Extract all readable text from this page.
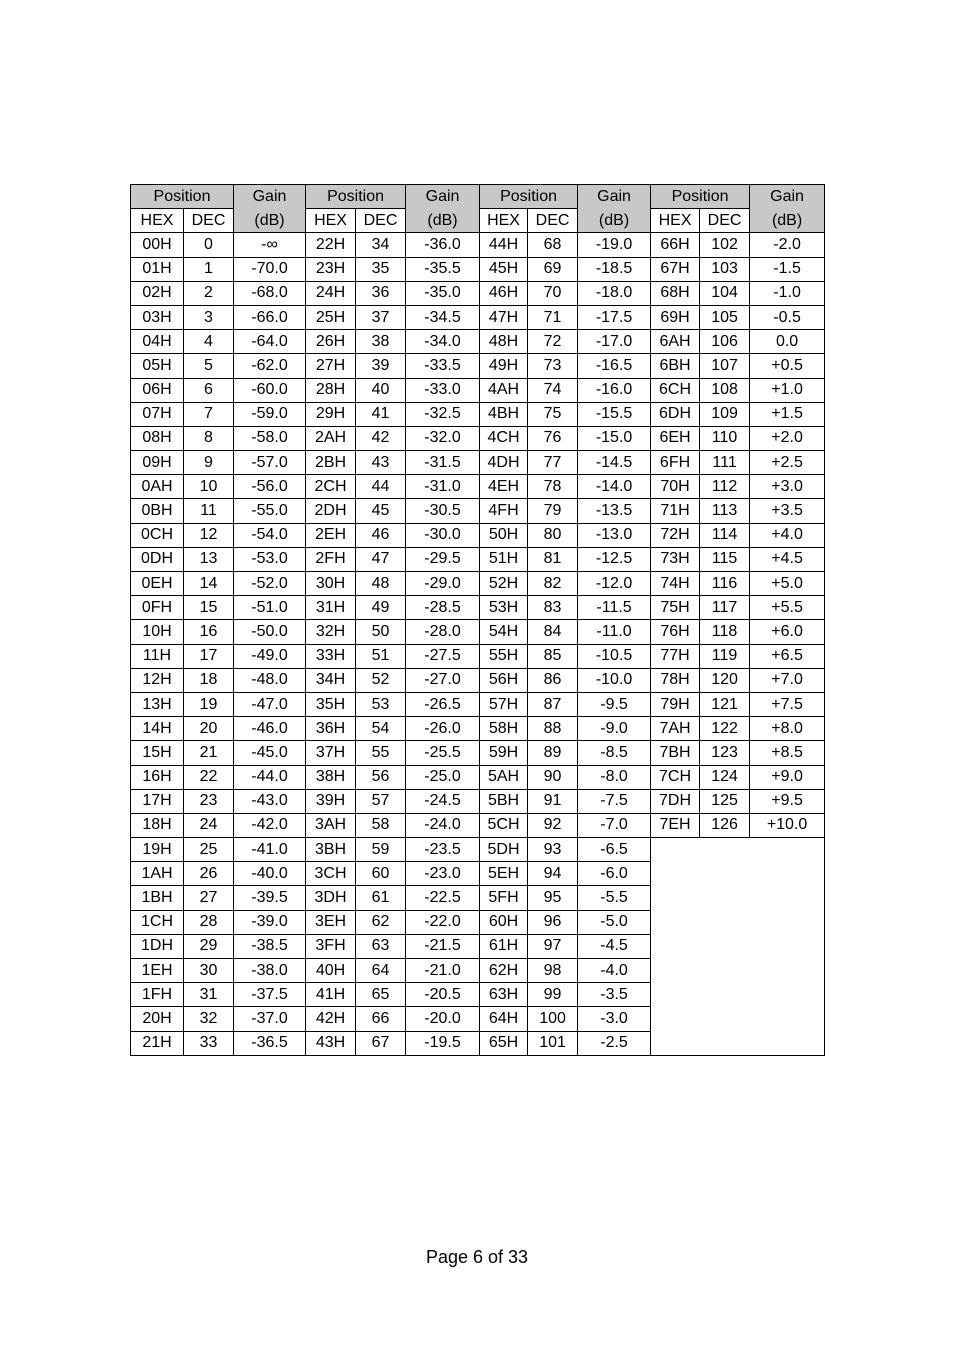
Position		Gain	Position		Gain	Position		Gain	Position		Gain
HEX	DEC	(dB)	HEX	DEC	(dB)	HEX	DEC	(dB)	HEX	DEC	(dB)
00H	0	-∞	22H	34	-36.0	44H	68	-19.0	66H	102	-2.0
01H	1	-70.0	23H	35	-35.5	45H	69	-18.5	67H	103	-1.5
02H	2	-68.0	24H	36	-35.0	46H	70	-18.0	68H	104	-1.0
03H	3	-66.0	25H	37	-34.5	47H	71	-17.5	69H	105	-0.5
04H	4	-64.0	26H	38	-34.0	48H	72	-17.0	6AH	106	0.0
05H	5	-62.0	27H	39	-33.5	49H	73	-16.5	6BH	107	+0.5
06H	6	-60.0	28H	40	-33.0	4AH	74	-16.0	6CH	108	+1.0
07H	7	-59.0	29H	41	-32.5	4BH	75	-15.5	6DH	109	+1.5
08H	8	-58.0	2AH	42	-32.0	4CH	76	-15.0	6EH	110	+2.0
09H	9	-57.0	2BH	43	-31.5	4DH	77	-14.5	6FH	111	+2.5
0AH	10	-56.0	2CH	44	-31.0	4EH	78	-14.0	70H	112	+3.0
0BH	11	-55.0	2DH	45	-30.5	4FH	79	-13.5	71H	113	+3.5
0CH	12	-54.0	2EH	46	-30.0	50H	80	-13.0	72H	114	+4.0
0DH	13	-53.0	2FH	47	-29.5	51H	81	-12.5	73H	115	+4.5
0EH	14	-52.0	30H	48	-29.0	52H	82	-12.0	74H	116	+5.0
0FH	15	-51.0	31H	49	-28.5	53H	83	-11.5	75H	117	+5.5
10H	16	-50.0	32H	50	-28.0	54H	84	-11.0	76H	118	+6.0
11H	17	-49.0	33H	51	-27.5	55H	85	-10.5	77H	119	+6.5
12H	18	-48.0	34H	52	-27.0	56H	86	-10.0	78H	120	+7.0
13H	19	-47.0	35H	53	-26.5	57H	87	-9.5	79H	121	+7.5
14H	20	-46.0	36H	54	-26.0	58H	88	-9.0	7AH	122	+8.0
15H	21	-45.0	37H	55	-25.5	59H	89	-8.5	7BH	123	+8.5
16H	22	-44.0	38H	56	-25.0	5AH	90	-8.0	7CH	124	+9.0
17H	23	-43.0	39H	57	-24.5	5BH	91	-7.5	7DH	125	+9.5
18H	24	-42.0	3AH	58	-24.0	5CH	92	-7.0	7EH	126	+10.0
19H	25	-41.0	3BH	59	-23.5	5DH	93	-6.5			
1AH	26	-40.0	3CH	60	-23.0	5EH	94	-6.0			
1BH	27	-39.5	3DH	61	-22.5	5FH	95	-5.5			
1CH	28	-39.0	3EH	62	-22.0	60H	96	-5.0			
1DH	29	-38.5	3FH	63	-21.5	61H	97	-4.5			
1EH	30	-38.0	40H	64	-21.0	62H	98	-4.0			
1FH	31	-37.5	41H	65	-20.5	63H	99	-3.5			
20H	32	-37.0	42H	66	-20.0	64H	100	-3.0			
21H	33	-36.5	43H	67	-19.5	65H	101	-2.5			
Page 6 of 33
